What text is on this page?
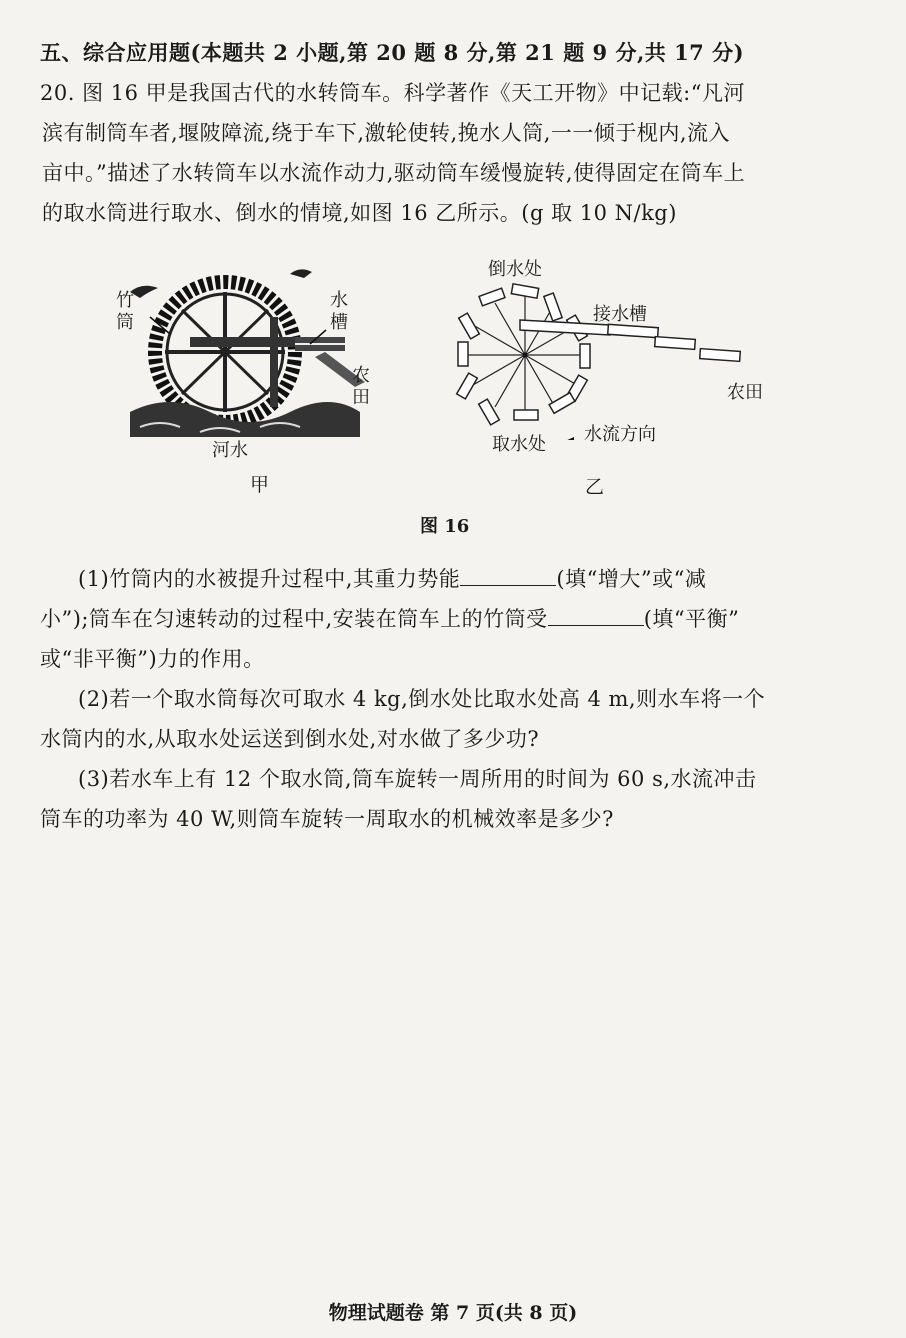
五、综合应用题(本题共 2 小题,第 20 题 8 分,第 21 题 9 分,共 17 分)
20. 图 16 甲是我国古代的水转筒车。科学著作《天工开物》中记载:“凡河
滨有制筒车者,堰陂障流,绕于车下,激轮使转,挽水人筒,一一倾于枧内,流入
亩中。”描述了水转筒车以水流作动力,驱动筒车缓慢旋转,使得固定在筒车上
的取水筒进行取水、倒水的情境,如图 16 乙所示。(g 取 10 N/kg)
竹筒
水槽
农田
河水
甲
倒水处
接水槽
农田
取水处 水流方向
乙
图 16
(1)竹筒内的水被提升过程中,其重力势能	(填“增大”或“减
小”);筒车在匀速转动的过程中,安装在筒车上的竹筒受	(填“平衡”
或“非平衡”)力的作用。
(2)若一个取水筒每次可取水 4 kg,倒水处比取水处高 4 m,则水车将一个
水筒内的水,从取水处运送到倒水处,对水做了多少功?
(3)若水车上有 12 个取水筒,筒车旋转一周所用的时间为 60 s,水流冲击
筒车的功率为 40 W,则筒车旋转一周取水的机械效率是多少?
物理试题卷 第 7 页(共 8 页)
